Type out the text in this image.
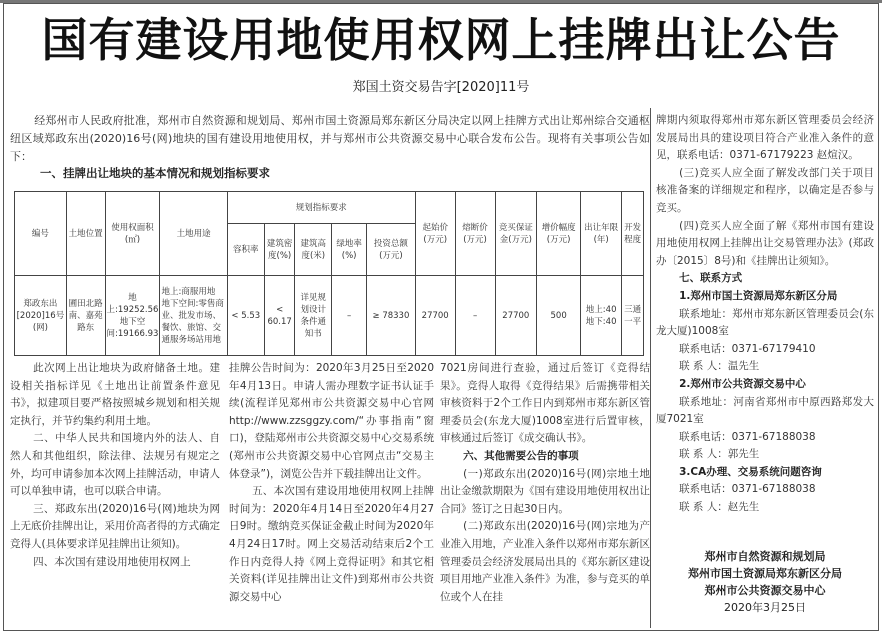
国有建设用地使用权网上挂牌出让公告
郑国土资交易告字[2020]11号
经郑州市人民政府批准，郑州市自然资源和规划局、郑州市国土资源局郑东新区分局决定以网上挂牌方式出让郑州综合交通枢纽区域郑政东出(2020)16号(网)地块的国有建设用地使用权，并与郑州市公共资源交易中心联合发布公告。现将有关事项公告如下：
一、挂牌出让地块的基本情况和规划指标要求
编号	土地位置	使用权面积(㎡)	土地用途	规划指标要求					起始价(万元)	熔断价(万元)	竞买保证金(万元)	增价幅度(万元)	出让年限(年)	开发程度
				容积率	建筑密度(%)	建筑高度(米)	绿地率(%)	投资总额(万元)						
郑政东出[2020]16号(网)	圃田北路南、嘉苑路东	地上:19252.56 地下空间:19166.93	地上:商服用地 地下空间:零售商业、批发市场、餐饮、旅馆、交通服务场站用地	< 5.53	< 60.17	详见规划设计条件通知书	–	≥ 78330	27700	–	27700	500	地上:40 地下:40	三通一平

此次网上出让地块为政府储备土地。建设相关指标详见《土地出让前置条件意见书》，拟建项目要严格按照城乡规划和相关规定执行，并节约集约利用土地。

二、中华人民共和国境内外的法人、自然人和其他组织，除法律、法规另有规定之外，均可申请参加本次网上挂牌活动，申请人可以单独申请，也可以联合申请。

三、郑政东出(2020)16号(网)地块为网上无底价挂牌出让，采用价高者得的方式确定竞得人(具体要求详见挂牌出让须知)。

四、本次国有建设用地使用权网上

挂牌公告时间为：2020年3月25日至2020年4月13日。申请人需办理数字证书认证手续(流程详见郑州市公共资源交易中心官网 http://www.zzsggzy.com/“办事指南”窗口)，登陆郑州市公共资源交易中心交易系统(郑州市公共资源交易中心官网点击“交易主体登录”)，浏览公告并下载挂牌出让文件。

五、本次国有建设用地使用权网上挂牌时间为：2020年4月14日至2020年4月27日9时。缴纳竞买保证金截止时间为2020年4月24日17时。网上交易活动结束后2个工作日内竞得人持《网上竞得证明》和其它相关资料(详见挂牌出让文件)到郑州市公共资源交易中心

7021房间进行查验，通过后签订《竞得结果》。竞得人取得《竞得结果》后需携带相关审核资料于2个工作日内到郑州市郑东新区管理委员会(东龙大厦)1008室进行后置审核，审核通过后签订《成交确认书》。

六、其他需要公告的事项

(一)郑政东出(2020)16号(网)宗地土地出让金缴款期限为《国有建设用地使用权出让合同》签订之日起30日内。

(二)郑政东出(2020)16号(网)宗地为产业准入用地，产业准入条件以郑州市郑东新区管理委员会经济发展局出具的《郑东新区建设项目用地产业准入条件》为准，参与竞买的单位或个人在挂

牌期内须取得郑州市郑东新区管理委员会经济发展局出具的建设项目符合产业准入条件的意见，联系电话：0371-67179223 赵煊汉。

(三)竞买人应全面了解发改部门关于项目核准备案的详细规定和程序，以确定是否参与竞买。

(四)竞买人应全面了解《郑州市国有建设用地使用权网上挂牌出让交易管理办法》(郑政办〔2015〕8号)和《挂牌出让须知》。

七、联系方式

1.郑州市国土资源局郑东新区分局

联系地址：郑州市郑东新区管理委员会(东龙大厦)1008室

联系电话：0371-67179410

联 系 人：温先生

2.郑州市公共资源交易中心

联系地址：河南省郑州市中原西路郑发大厦7021室

联系电话：0371-67188038

联 系 人：郭先生

3.CA办理、交易系统问题咨询

联系电话：0371-67188038

联 系 人：赵先生

郑州市自然资源和规划局
郑州市国土资源局郑东新区分局
郑州市公共资源交易中心
2020年3月25日
